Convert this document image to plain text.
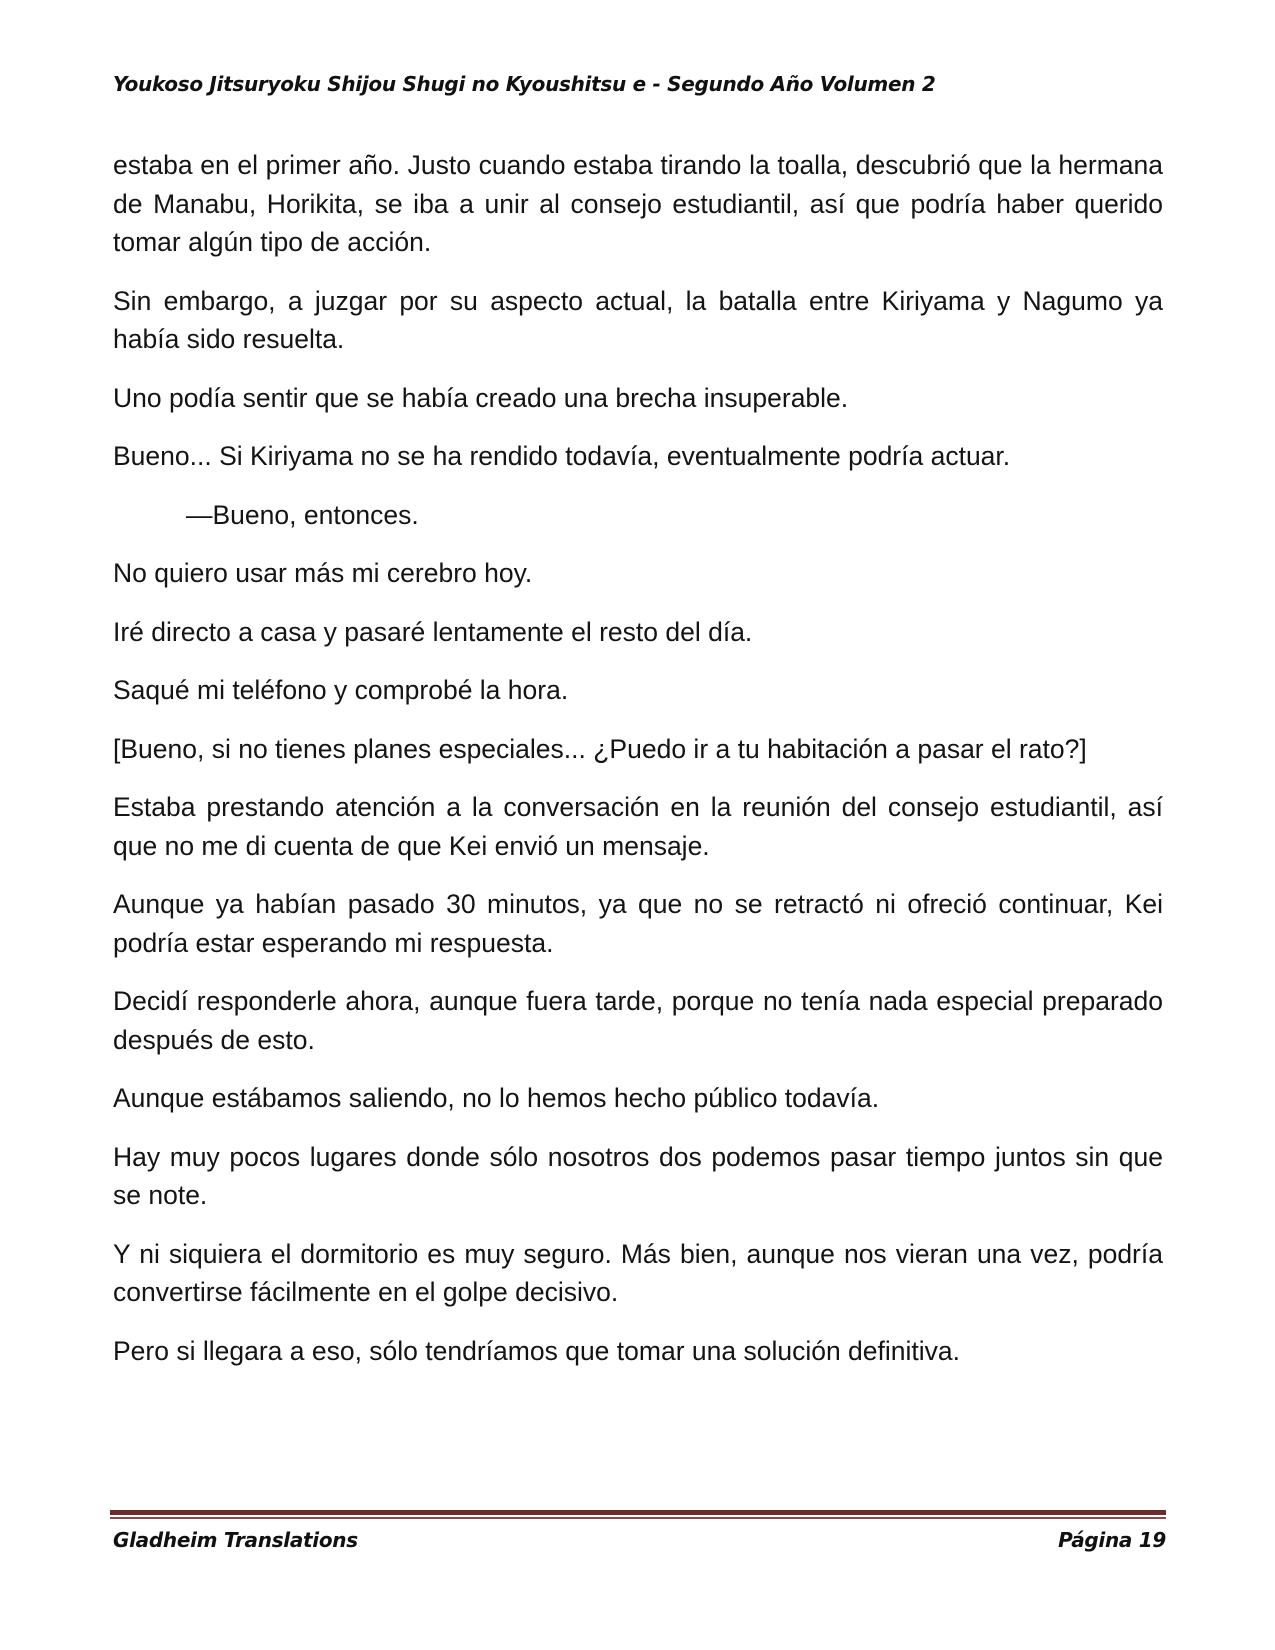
Youkoso Jitsuryoku Shijou Shugi no Kyoushitsu e - Segundo Año Volumen 2

estaba en el primer año. Justo cuando estaba tirando la toalla, descubrió que la hermana de Manabu, Horikita, se iba a unir al consejo estudiantil, así que podría haber querido tomar algún tipo de acción.

Sin embargo, a juzgar por su aspecto actual, la batalla entre Kiriyama y Nagumo ya había sido resuelta.

Uno podía sentir que se había creado una brecha insuperable.

Bueno... Si Kiriyama no se ha rendido todavía, eventualmente podría actuar.

—Bueno, entonces.

No quiero usar más mi cerebro hoy.

Iré directo a casa y pasaré lentamente el resto del día.

Saqué mi teléfono y comprobé la hora.

[Bueno, si no tienes planes especiales... ¿Puedo ir a tu habitación a pasar el rato?]

Estaba prestando atención a la conversación en la reunión del consejo estudiantil, así que no me di cuenta de que Kei envió un mensaje.

Aunque ya habían pasado 30 minutos, ya que no se retractó ni ofreció continuar, Kei podría estar esperando mi respuesta.

Decidí responderle ahora, aunque fuera tarde, porque no tenía nada especial preparado después de esto.

Aunque estábamos saliendo, no lo hemos hecho público todavía.

Hay muy pocos lugares donde sólo nosotros dos podemos pasar tiempo juntos sin que se note.

Y ni siquiera el dormitorio es muy seguro. Más bien, aunque nos vieran una vez, podría convertirse fácilmente en el golpe decisivo.

Pero si llegara a eso, sólo tendríamos que tomar una solución definitiva.

Gladheim Translations	Página 19
